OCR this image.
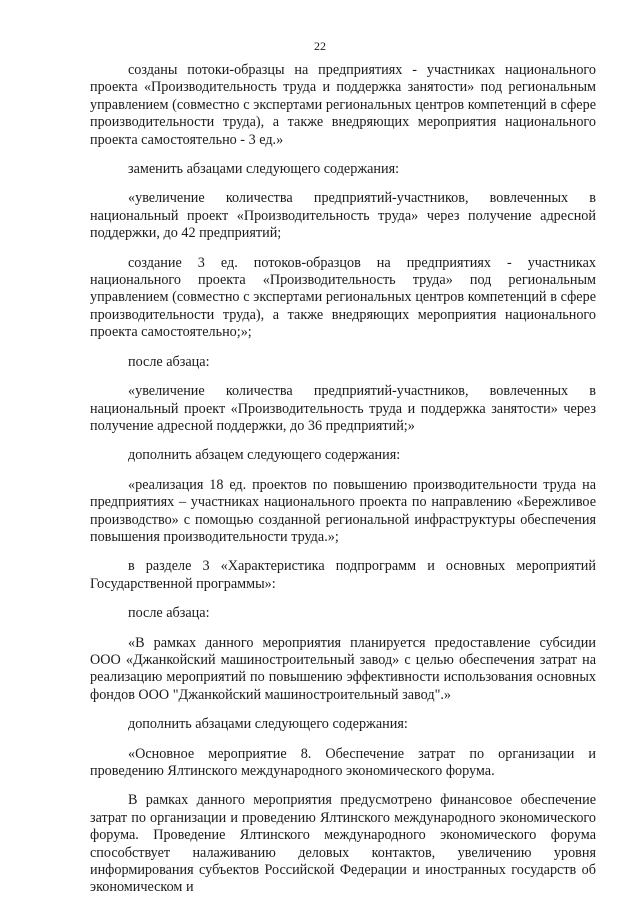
22

созданы потоки-образцы на предприятиях - участниках национального проекта «Производительность труда и поддержка занятости» под региональным управлением (совместно с экспертами региональных центров компетенций в сфере производительности труда), а также внедряющих мероприятия национального проекта самостоятельно - 3 ед.»

заменить абзацами следующего содержания:

«увеличение количества предприятий-участников, вовлеченных в национальный проект «Производительность труда» через получение адресной поддержки, до 42 предприятий;

создание 3 ед. потоков-образцов на предприятиях - участниках национального проекта «Производительность труда» под региональным управлением (совместно с экспертами региональных центров компетенций в сфере производительности труда), а также внедряющих мероприятия национального проекта самостоятельно;»;

после абзаца:

«увеличение количества предприятий-участников, вовлеченных в национальный проект «Производительность труда и поддержка занятости» через получение адресной поддержки, до 36 предприятий;»

дополнить абзацем следующего содержания:

«реализация 18 ед. проектов по повышению производительности труда на предприятиях – участниках национального проекта по направлению «Бережливое производство» с помощью созданной региональной инфраструктуры обеспечения повышения производительности труда.»;

в разделе 3 «Характеристика подпрограмм и основных мероприятий Государственной программы»:

после абзаца:

«В рамках данного мероприятия планируется предоставление субсидии ООО «Джанкойский машиностроительный завод» с целью обеспечения затрат на реализацию мероприятий по повышению эффективности использования основных фондов ООО "Джанкойский машиностроительный завод".»

дополнить абзацами следующего содержания:

«Основное мероприятие 8. Обеспечение затрат по организации и проведению Ялтинского международного экономического форума.

В рамках данного мероприятия предусмотрено финансовое обеспечение затрат по организации и проведению Ялтинского международного экономического форума. Проведение Ялтинского международного экономического форума способствует налаживанию деловых контактов, увеличению уровня информирования субъектов Российской Федерации и иностранных государств об экономическом и
